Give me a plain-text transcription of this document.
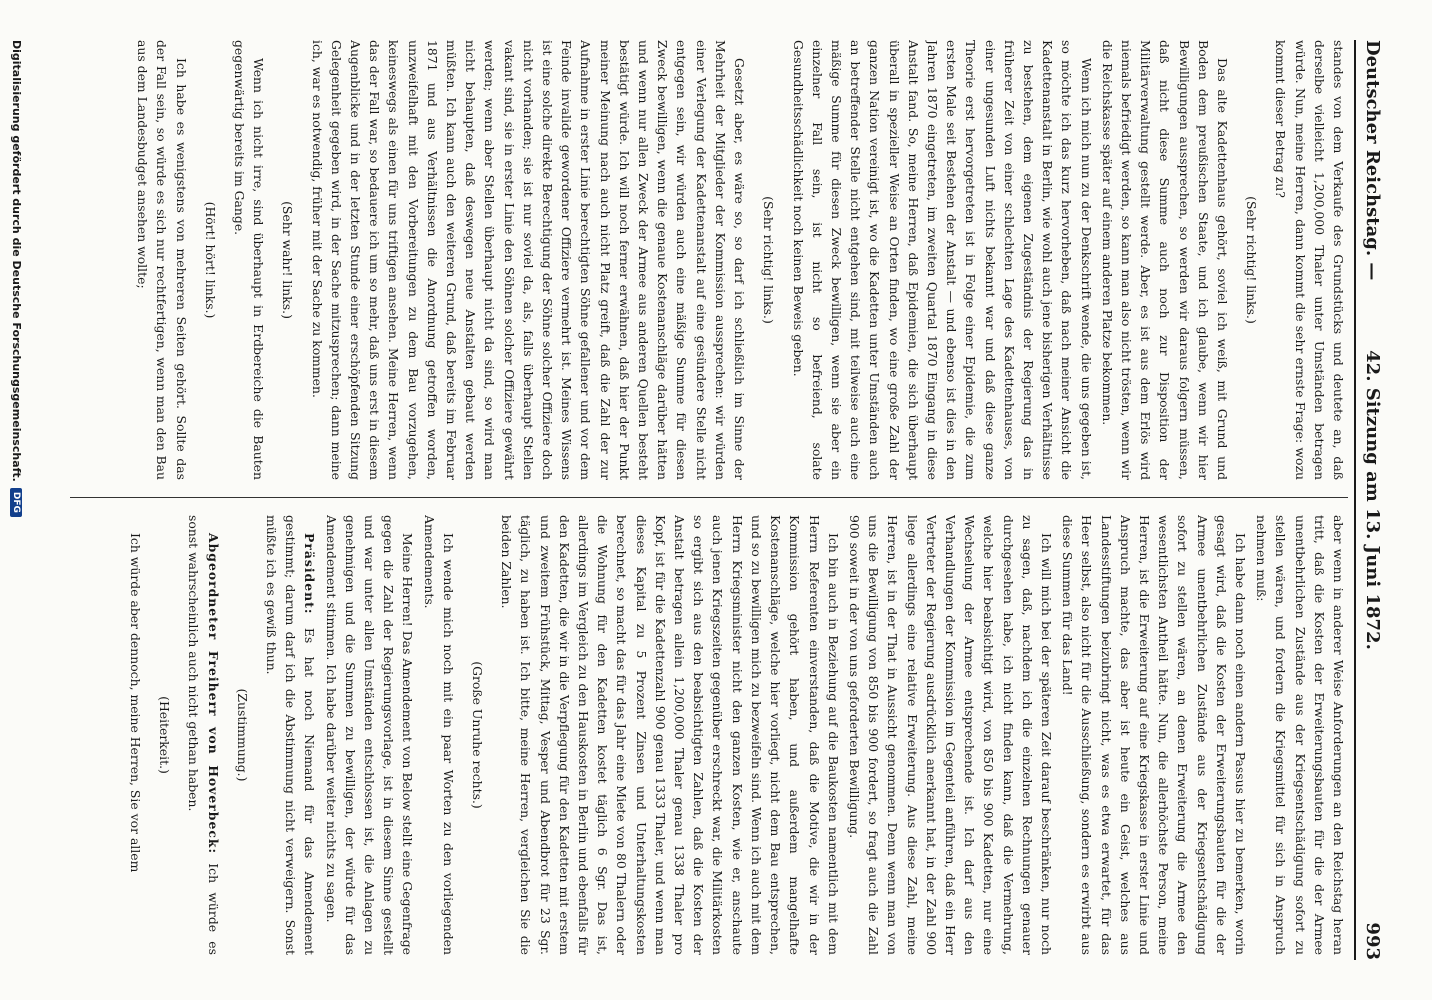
Deutscher Reichstag. —
42. Sitzung am 13. Juni 1872.
993

standes von dem Verkaufe des Grundstücks und deutete an, daß derselbe vielleicht 1,200,000 Thaler unter Umständen betragen würde. Nun, meine Herren, dann kommt die sehr ernste Frage: wozu kommt dieser Betrag zu?

(Sehr richtig! links.)

Das alte Kadettenhaus gehört, soviel ich weiß, mit Grund und Boden dem preußischen Staate, und ich glaube, wenn wir hier Bewilligungen aussprechen, so werden wir daraus folgern müssen, daß nicht diese Summe auch noch zur Disposition der Militärverwaltung gestellt werde. Aber, es ist aus dem Erlös wird niemals befriedigt werden, so kann man also nicht trösten, wenn wir die Reichskasse später auf einem anderen Platze bekommen.

Wenn ich mich nun zu der Denkschrift wende, die uns gegeben ist, so möchte ich das kurz hervorheben, daß nach meiner Ansicht die Kadettenanstalt in Berlin, wie wohl auch jene bisherigen Verhältnisse zu bestehen, dem eigenen Zugeständnis der Regierung das in früherer Zeit von einer schlechten Lage des Kadettenhauses, von einer ungesunden Luft nichts bekannt war und daß diese ganze Theorie erst hervorgetreten ist in Folge einer Epidemie, die zum ersten Male seit Bestehen der Anstalt — und ebenso ist dies in den Jahren 1870 eingetreten, im zweiten Quartal 1870 Eingang in diese Anstalt fand. So, meine Herren, daß Epidemien, die sich überhaupt überall in spezieller Weise an Orten finden, wo eine große Zahl der ganzen Nation vereinigt ist, wo die Kadetten unter Umständen auch an betreffender Stelle nicht entgehen sind, mit teilweise auch eine mäßige Summe für diesen Zweck bewilligen, wenn sie aber ein einzelner Fall sein, ist nicht so befreiend, solate Gesundheitsschädlichkeit noch keinen Beweis geben.

(Sehr richtig! links.)

Gesetzt aber, es wäre so, so darf ich schließlich im Sinne der Mehrheit der Mitglieder der Kommission aussprechen: wir würden einer Verlegung der Kadettenanstalt auf eine gesündere Stelle nicht entgegen sein, wir würden auch eine mäßige Summe für diesen Zweck bewilligen, wenn die genaue Kostenanschläge darüber hätten und wenn nur allen Zweck der Armee aus anderen Quellen besteht bestätigt würde. Ich will noch ferner erwähnen, daß hier der Punkt meiner Meinung nach auch nicht Platz greift, daß die Zahl der zur Aufnahme in erster Linie berechtigten Söhne gefallener und vor dem Feinde invalide gewordener Offiziere vermehrt ist. Meines Wissens ist eine solche direkte Berechtigung der Söhne solcher Offiziere doch nicht vorhanden; sie ist nur soviel da, als, falls überhaupt Stellen vakant sind, sie in erster Linie den Söhnen solcher Offiziere gewährt werden; wenn aber Stellen überhaupt nicht da sind, so wird man nicht behaupten, daß deswegen neue Anstalten gebaut werden müßten. Ich kann auch den weiteren Grund, daß bereits im Februar 1871 und aus Verhältnissen die Anordnung getroffen worden, unzweifelhaft mit den Vorbereitungen zu dem Bau vorzugehen, keineswegs als einen für uns triftigen ansehen. Meine Herren, wenn das der Fall war, so bedauere ich um so mehr, daß uns erst in diesem Augenblicke und in der letzten Stunde einer erschöpfenden Sitzung Gelegenheit gegeben wird, in der Sache mitzusprechen; dann meine ich, war es notwendig, früher mit der Sache zu kommen.

(Sehr wahr! links.)

Wenn ich nicht irre, sind überhaupt in Erdbereiche die Bauten gegenwärtig bereits im Gange.

(Hört! hört! links.)

Ich habe es wenigstens von mehreren Seiten gehört. Sollte das der Fall sein, so würde es sich nur rechtfertigen, wenn man den Bau aus dem Landesbudget ansehen wollte;

aber wenn in anderer Weise Anforderungen an den Reichstag heran tritt, daß die Kosten der Erweiterungsbauten für die der Armee unentbehrlichen Zustände aus der Kriegsentschädigung sofort zu stellen wären, und fordern die Kriegsmittel für sich in Anspruch nehmen muß:

Ich habe dann noch einen andern Passus hier zu bemerken, worin gesagt wird, daß die Kosten der Erweiterungsbauten für die der Armee unentbehrlichen Zustände aus der Kriegsentschädigung sofort zu stellen wären, an denen Erweiterung die Armee den wesentlichsten Antheil hätte. Nun, die allerhöchste Person, meine Herren, ist die Erweiterung auf eine Kriegskasse in erster Linie und Anspruch machte, das aber ist heute ein Geist, welches aus Landesstiftungen beizubringt nicht, was es etwa erwartet, für das Heer selbst, also nicht für die Ausschließung, sondern es erwirbt aus diese Summen für das Land!

Ich will mich bei der späteren Zeit darauf beschränken, nur noch zu sagen, daß, nachdem ich die einzelnen Rechnungen genauer durchgesehen habe, ich nicht finden kann, daß die Vermehrung, welche hier beabsichtigt wird, von 850 bis 900 Kadetten, nur eine Wechselung der Armee entsprechende ist. Ich darf aus den Verhandlungen der Kommission im Gegenteil anführen, daß ein Herr Vertreter der Regierung ausdrücklich anerkannt hat, in der Zahl 900 liege allerdings eine relative Erweiterung. Aus diese Zahl, meine Herren, ist in der That in Aussicht genommen. Denn wenn man von uns die Bewilligung von 850 bis 900 fordert, so fragt auch die Zahl 900 soweit in der von uns geforderten Bewilligung.

Ich bin auch in Beziehung auf die Baukosten namentlich mit dem Herrn Referenten einverstanden, daß die Motive, die wir in der Kommission gehört haben, und außerdem mangelhafte Kostenanschläge, welche hier vorliegt, nicht dem Bau entsprechen, und so zu bewilligen mich zu bezweifeln sind. Wenn ich auch mit dem Herrn Kriegsminister nicht den ganzen Kosten, wie er, anschaute auch jenen Kriegszeiten gegenüber erschreckt war, die Militärkosten so ergibt sich aus den beabsichtigten Zahlen, daß die Kosten der Anstalt betragen allein 1,200,000 Thaler genau 1338 Thaler pro Kopf, ist für die Kadettenzahl 900 genau 1333 Thaler, und wenn man dieses Kapital zu 5 Prozent Zinsen und Unterhaltungskosten berechnet, so macht das für das Jahr eine Miete von 80 Thalern oder die Wohnung für den Kadetten kostet täglich 6 Sgr. Das ist, allerdings im Vergleich zu den Hauskosten in Berlin und ebenfalls für den Kadetten, die wir in die Verpflegung für den Kadetten mit erstem und zweitem Frühstück, Mittag, Vesper und Abendbrot für 23 Sgr. täglich, zu haben ist. Ich bitte, meine Herren, vergleichen Sie die beiden Zahlen.

(Große Unruhe rechts.)

Ich wende mich noch mit ein paar Worten zu den vorliegenden Amendements.

Meine Herren! Das Amendement von Below stellt eine Gegenfrage gegen die Zahl der Regierungsvorlage, ist in diesem Sinne gestellt und war unter allen Umständen entschlossen ist, die Anlagen zu genehmigen und die Summen zu bewilligen, der würde für das Amendement stimmen. Ich habe darüber weiter nichts zu sagen.

Präsident: Es hat noch Niemand für das Amendement gestimmt; darum darf ich die Abstimmung nicht verweigern. Sonst müßte ich es gewiß thun.

(Zustimmung.)

Abgeordneter Freiherr von Hoverbeck: Ich würde es sonst wahrscheinlich auch nicht gethan haben.

(Heiterkeit.)

Ich würde aber dennoch, meine Herren, Sie vor allem

Digitalisierung gefördert durch die Deutsche Forschungsgemeinschaft.
DFG
